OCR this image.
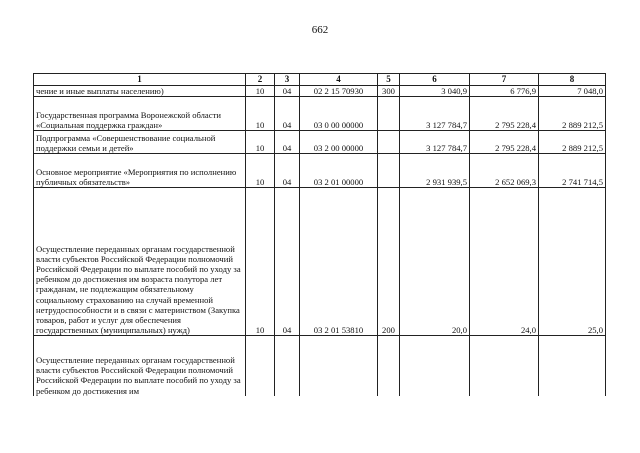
662
1	2	3	4	5	6	7	8
чение и иные выплаты населению)	10	04	02 2 15 70930	300	3 040,9	6 776,9	7 048,0
Государственная программа Воронежской области «Социальная поддержка граждан»	10	04	03 0 00 00000		3 127 784,7	2 795 228,4	2 889 212,5
Подпрограмма «Совершенствование социальной поддержки семьи и детей»	10	04	03 2 00 00000		3 127 784,7	2 795 228,4	2 889 212,5
Основное мероприятие «Мероприятия по исполнению публичных обязательств»	10	04	03 2 01 00000		2 931 939,5	2 652 069,3	2 741 714,5
Осуществление переданных органам государственной власти субъектов Российской Федерации полномочий Российской Федерации по выплате пособий по уходу за ребенком до достижения им возраста полутора лет гражданам, не подлежащим обязательному социальному страхованию на случай временной нетрудоспособности и в связи с материнством (Закупка товаров, работ и услуг для обеспечения государственных (муниципальных) нужд)	10	04	03 2 01 53810	200	20,0	24,0	25,0
Осуществление переданных органам государственной власти субъектов Российской Федерации полномочий Российской Федерации по выплате пособий по уходу за ребенком до достижения им							
